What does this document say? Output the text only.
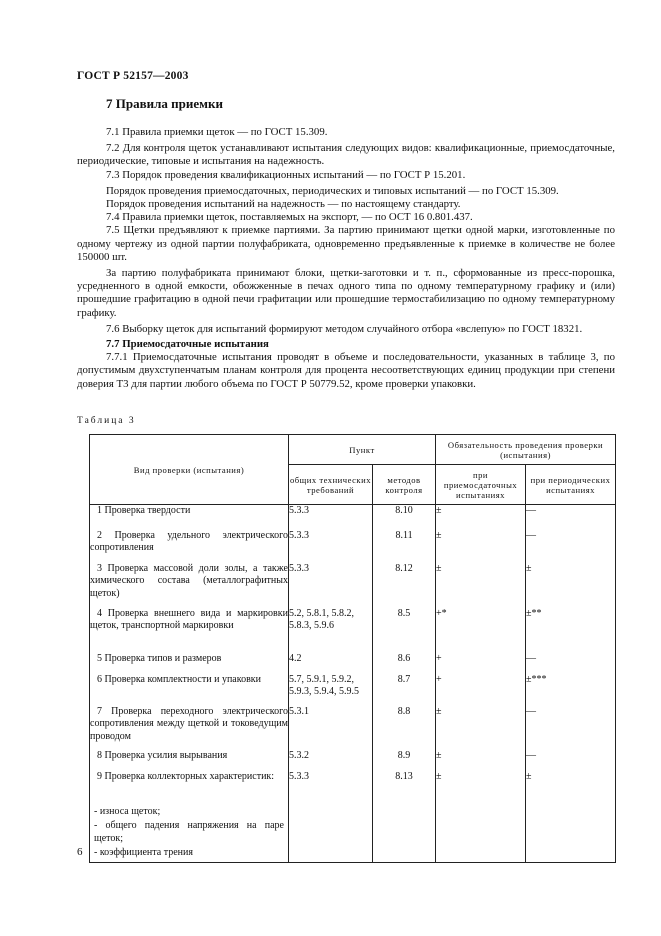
ГОСТ Р 52157—2003
7 Правила приемки

7.1 Правила приемки щеток — по ГОСТ 15.309.

7.2 Для контроля щеток устанавливают испытания следующих видов: квалификационные, приемосдаточные, периодические, типовые и испытания на надежность.

7.3 Порядок проведения квалификационных испытаний — по ГОСТ Р 15.201.

Порядок проведения приемосдаточных, периодических и типовых испытаний — по ГОСТ 15.309.

Порядок проведения испытаний на надежность — по настоящему стандарту.

7.4 Правила приемки щеток, поставляемых на экспорт, — по ОСТ 16 0.801.437.

7.5 Щетки предъявляют к приемке партиями. За партию принимают щетки одной марки, изготовленные по одному чертежу из одной партии полуфабриката, одновременно предъявленные к приемке в количестве не более 150000 шт.

За партию полуфабриката принимают блоки, щетки-заготовки и т. п., сформованные из пресс-порошка, усредненного в одной емкости, обожженные в печах одного типа по одному температурному графику и (или) прошедшие графитацию в одной печи графитации или прошедшие термостабилизацию по одному температурному графику.

7.6 Выборку щеток для испытаний формируют методом случайного отбора «вслепую» по ГОСТ 18321.

7.7 Приемосдаточные испытания

7.7.1 Приемосдаточные испытания проводят в объеме и последовательности, указанных в таблице 3, по допустимым двухступенчатым планам контроля для процента несоответствующих единиц продукции при степени доверия Т3 для партии любого объема по ГОСТ Р 50779.52, кроме проверки упаковки.

Таблица 3
Вид проверки (испытания)	Пункт		Обязательность проведения проверки (испытания)	
	общих технических требований	методов контроля	при приемосдаточных испытаниях	при периодических испытаниях

1 Проверка твердости	5.3.3	8.10	±	—

2 Проверка удельного электрического сопротивления	5.3.3	8.11	±	—

3 Проверка массовой доли золы, а также химического состава (металлографитных щеток)	5.3.3	8.12	±	±

4 Проверка внешнего вида и маркировки щеток, транспортной маркировки	5.2, 5.8.1, 5.8.2, 5.8.3, 5.9.6	8.5	+*	±**

5 Проверка типов и размеров	4.2	8.6	+	—

6 Проверка комплектности и упаковки	5.7, 5.9.1, 5.9.2, 5.9.3, 5.9.4, 5.9.5	8.7	+	±***

7 Проверка переходного электрического сопротивления между щеткой и токоведущим проводом	5.3.1	8.8	±	—

8 Проверка усилия вырывания	5.3.2	8.9	±	—

9 Проверка коллекторных характеристик:	5.3.3	8.13	±	±

- износа щеток;
- общего падения напряжения на паре щеток;
- коэффициента трения				

6
